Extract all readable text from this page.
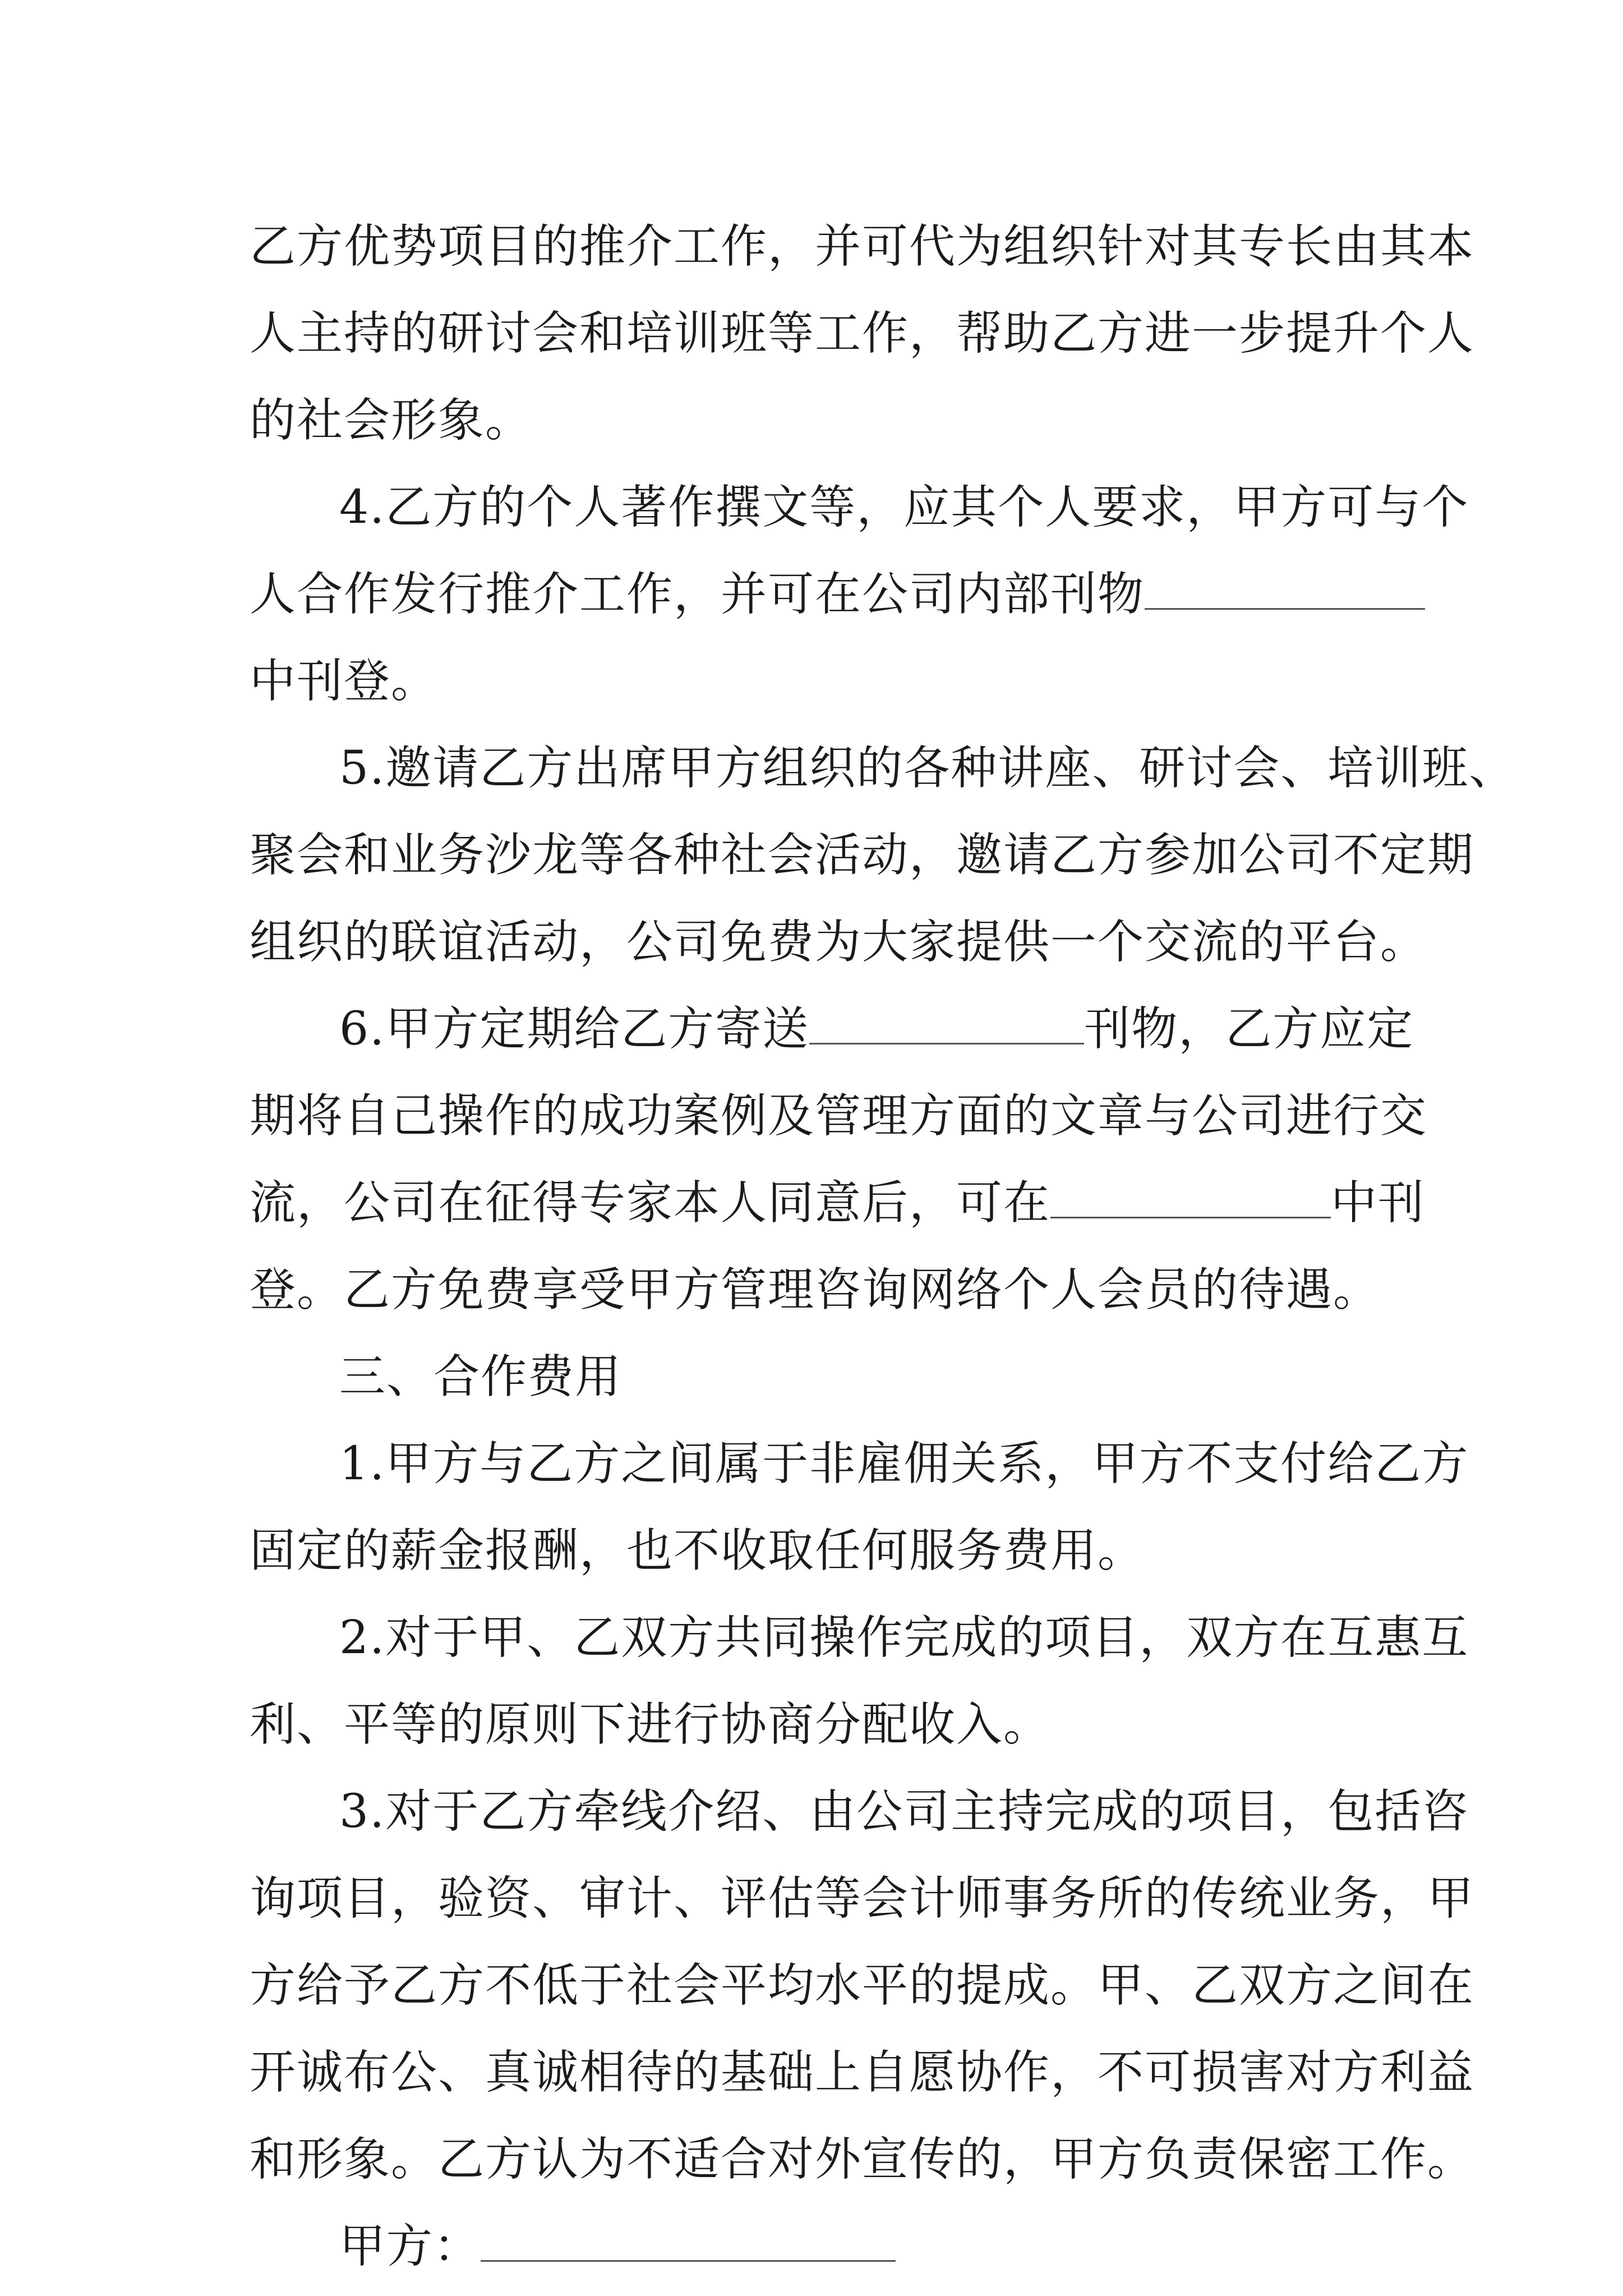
乙方优势项目的推介工作，并可代为组织针对其专长由其本
人主持的研讨会和培训班等工作，帮助乙方进一步提升个人
的社会形象。
4.乙方的个人著作撰文等，应其个人要求，甲方可与个
人合作发行推介工作，并可在公司内部刊物
中刊登。
5.邀请乙方出席甲方组织的各种讲座、研讨会、培训班、
聚会和业务沙龙等各种社会活动，邀请乙方参加公司不定期
组织的联谊活动，公司免费为大家提供一个交流的平台。
6.甲方定期给乙方寄送	刊物，乙方应定
期将自己操作的成功案例及管理方面的文章与公司进行交
流，公司在征得专家本人同意后，可在	中刊
登。乙方免费享受甲方管理咨询网络个人会员的待遇。
三、合作费用
1.甲方与乙方之间属于非雇佣关系，甲方不支付给乙方
固定的薪金报酬，也不收取任何服务费用。
2.对于甲、乙双方共同操作完成的项目，双方在互惠互
利、平等的原则下进行协商分配收入。
3.对于乙方牵线介绍、由公司主持完成的项目，包括咨
询项目，验资、审计、评估等会计师事务所的传统业务，甲
方给予乙方不低于社会平均水平的提成。甲、乙双方之间在
开诚布公、真诚相待的基础上自愿协作，不可损害对方利益
和形象。乙方认为不适合对外宣传的，甲方负责保密工作。
甲方：
